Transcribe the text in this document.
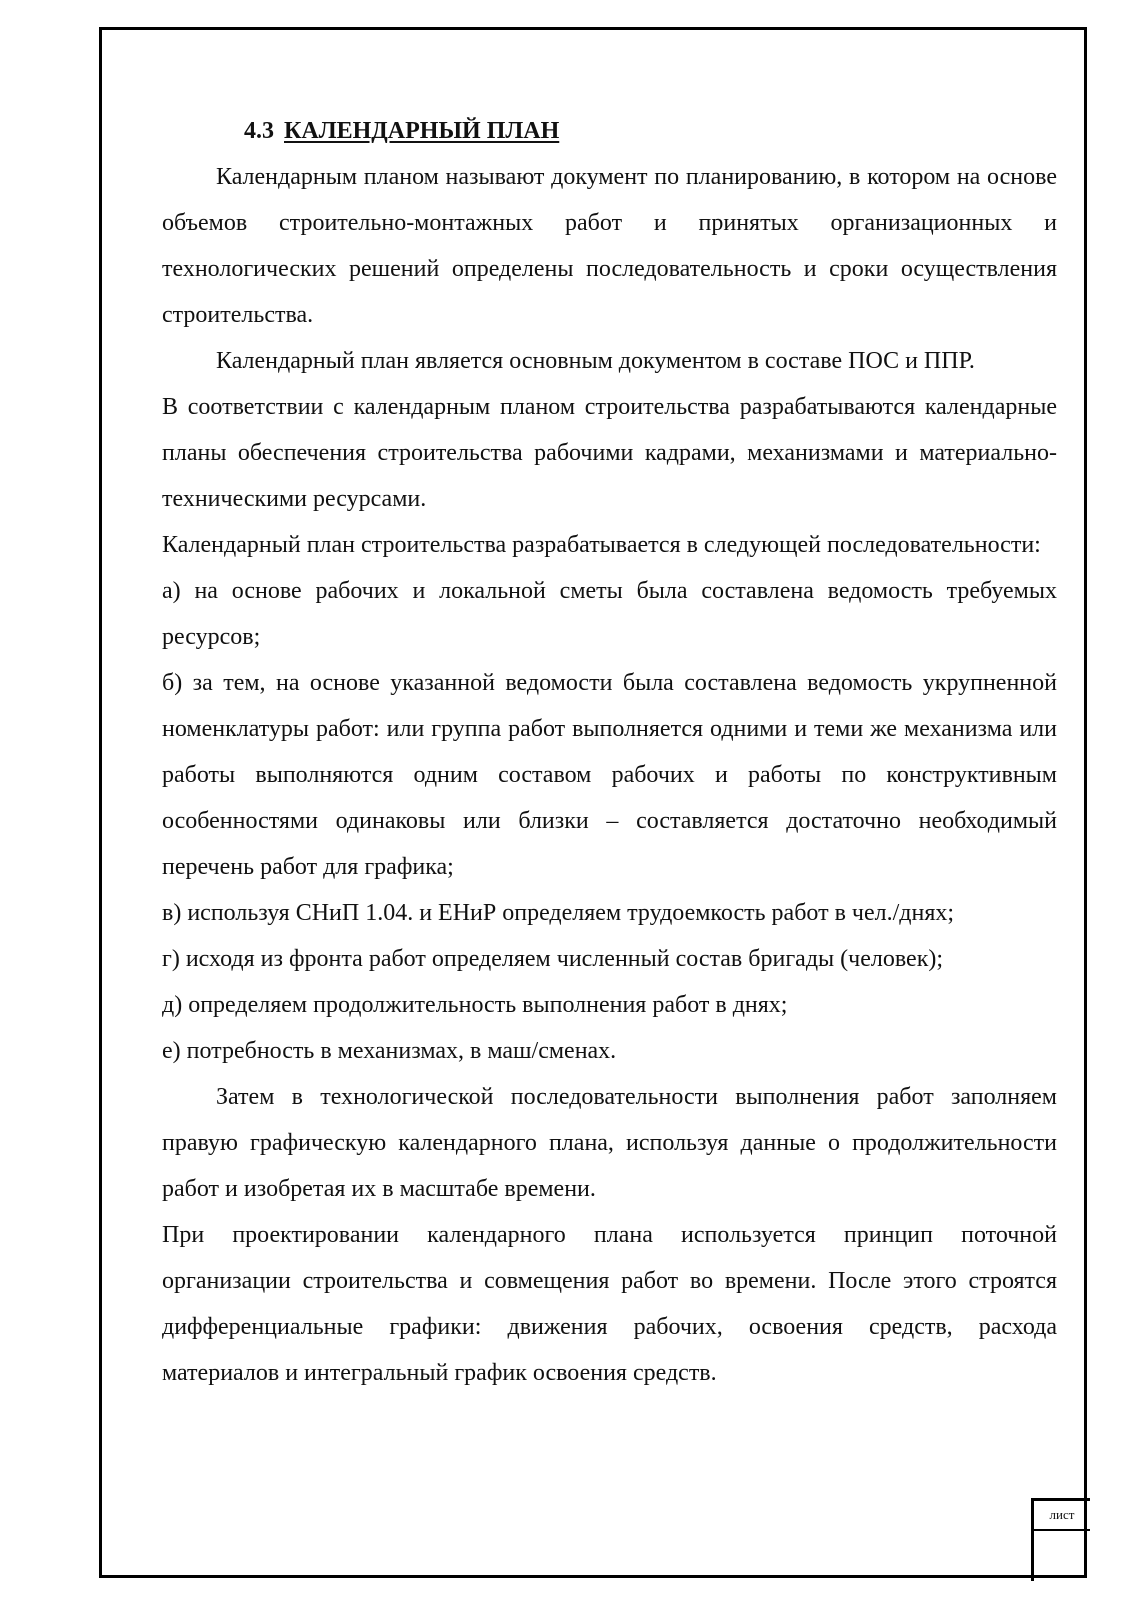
4.3 КАЛЕНДАРНЫЙ ПЛАН

Календарным планом называют документ по планированию, в котором на основе объемов строительно-монтажных работ и принятых организационных и технологических решений определены последовательность и сроки осуществления строительства.

Календарный план является основным документом в составе ПОС и ППР.

В соответствии с календарным планом строительства разрабатываются календарные планы обеспечения строительства рабочими кадрами, механизмами и материально-техническими ресурсами.

Календарный план строительства разрабатывается в следующей последовательности:

а) на основе рабочих и локальной сметы была составлена ведомость требуемых ресурсов;

б) за тем, на основе указанной ведомости была составлена ведомость укрупненной номенклатуры работ: или группа работ выполняется одними и теми же механизма или работы выполняются одним составом рабочих и работы по конструктивным особенностями одинаковы или близки – составляется достаточно необходимый перечень работ для графика;

в) используя СНиП 1.04. и ЕНиР определяем трудоемкость работ в чел./днях;

г) исходя из фронта работ определяем численный состав бригады (человек);

д) определяем продолжительность выполнения работ в днях;

е) потребность в механизмах, в маш/сменах.

Затем в технологической последовательности выполнения работ заполняем правую графическую календарного плана, используя данные о продолжительности работ и изобретая их в масштабе времени.

При проектировании календарного плана используется принцип поточной организации строительства и совмещения работ во времени. После этого строятся дифференциальные графики: движения рабочих, освоения средств, расхода материалов и интегральный график освоения средств.

лист
